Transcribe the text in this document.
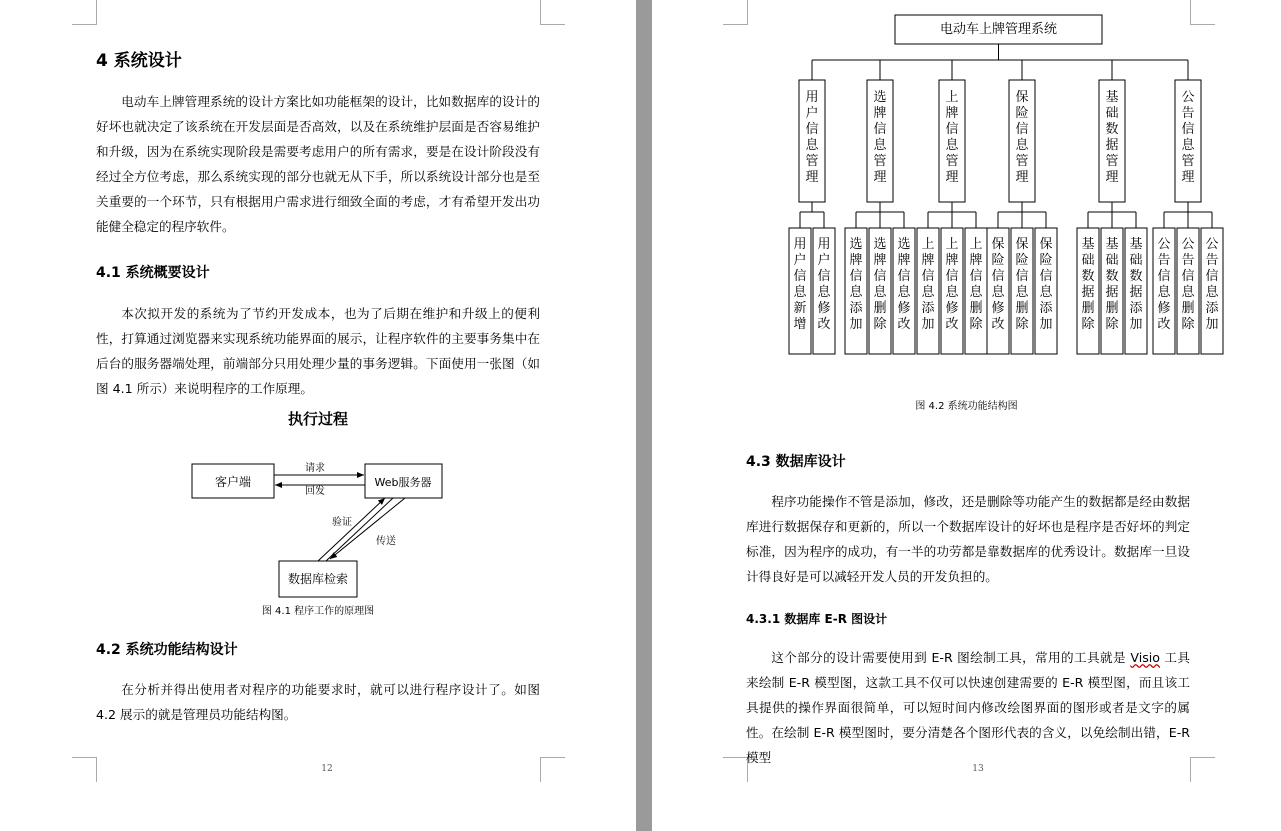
4 系统设计
电动车上牌管理系统的设计方案比如功能框架的设计，比如数据库的设计的好坏也就决定了该系统在开发层面是否高效，以及在系统维护层面是否容易维护和升级，因为在系统实现阶段是需要考虑用户的所有需求，要是在设计阶段没有经过全方位考虑，那么系统实现的部分也就无从下手，所以系统设计部分也是至关重要的一个环节，只有根据用户需求进行细致全面的考虑，才有希望开发出功能健全稳定的程序软件。
4.1 系统概要设计
本次拟开发的系统为了节约开发成本，也为了后期在维护和升级上的便利性，打算通过浏览器来实现系统功能界面的展示，让程序软件的主要事务集中在后台的服务器端处理，前端部分只用处理少量的事务逻辑。下面使用一张图（如图 4.1 所示）来说明程序的工作原理。
执行过程
客户端	Web服务器
数据库检索
请求
回发
验证
传送
图 4.1 程序工作的原理图
4.2 系统功能结构设计
在分析并得出使用者对程序的功能要求时，就可以进行程序设计了。如图 4.2 展示的就是管理员功能结构图。
12
电动车上牌管理系统
用
户
信
息
管
理
用
户
信
息
新
增
用
户
信
息
修
改
选
牌
信
息
管
理
选
牌
信
息
添
加
选
牌
信
息
删
除
选
牌
信
息
修
改
上
牌
信
息
管
理
上
牌
信
息
添
加
上
牌
信
息
修
改
上
牌
信
息
删
除
保
险
信
息
管
理
保
险
信
息
修
改
保
险
信
息
删
除
保
险
信
息
添
加
基
础
数
据
管
理
基
础
数
据
删
除
基
础
数
据
删
除
基
础
数
据
添
加
公
告
信
息
管
理
公
告
信
息
修
改
公
告
信
息
删
除
公
告
信
息
添
加
图 4.2 系统功能结构图
4.3 数据库设计
程序功能操作不管是添加，修改，还是删除等功能产生的数据都是经由数据库进行数据保存和更新的，所以一个数据库设计的好坏也是程序是否好坏的判定标准，因为程序的成功，有一半的功劳都是靠数据库的优秀设计。数据库一旦设计得良好是可以减轻开发人员的开发负担的。
4.3.1 数据库 E-R 图设计
这个部分的设计需要使用到 E-R 图绘制工具，常用的工具就是 Visio 工具来绘制 E-R 模型图，这款工具不仅可以快速创建需要的 E-R 模型图，而且该工具提供的操作界面很简单，可以短时间内修改绘图界面的图形或者是文字的属性。在绘制 E-R 模型图时，要分清楚各个图形代表的含义，以免绘制出错，E-R 模型
13
